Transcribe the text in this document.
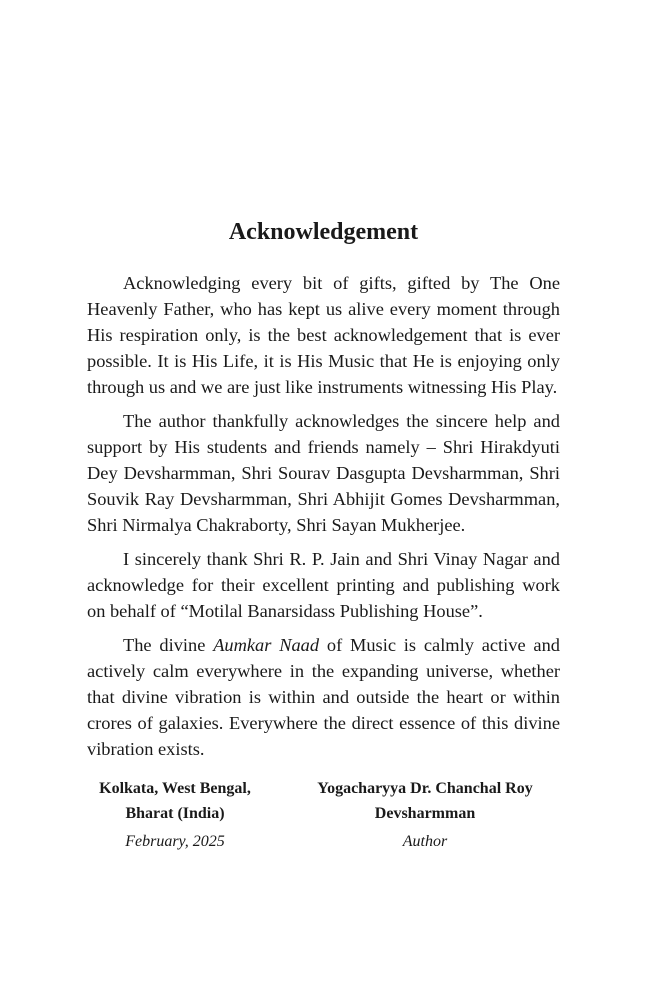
Acknowledgement

Acknowledging every bit of gifts, gifted by The One Heavenly Father, who has kept us alive every moment through His respiration only, is the best acknowledgement that is ever possible. It is His Life, it is His Music that He is enjoying only through us and we are just like instruments witnessing His Play.

The author thankfully acknowledges the sincere help and support by His students and friends namely – Shri Hirakdyuti Dey Devsharmman, Shri Sourav Dasgupta Devsharmman, Shri Souvik Ray Devsharmman, Shri Abhijit Gomes Devsharmman, Shri Nirmalya Chakraborty, Shri Sayan Mukherjee.

I sincerely thank Shri R. P. Jain and Shri Vinay Nagar and acknowledge for their excellent printing and publishing work on behalf of “Motilal Banarsidass Publishing House”.

The divine Aumkar Naad of Music is calmly active and actively calm everywhere in the expanding universe, whether that divine vibration is within and outside the heart or within crores of galaxies. Everywhere the direct essence of this divine vibration exists.

Kolkata, West Bengal,
Bharat (India)
February, 2025
Yogacharyya Dr. Chanchal Roy
Devsharmman
Author
